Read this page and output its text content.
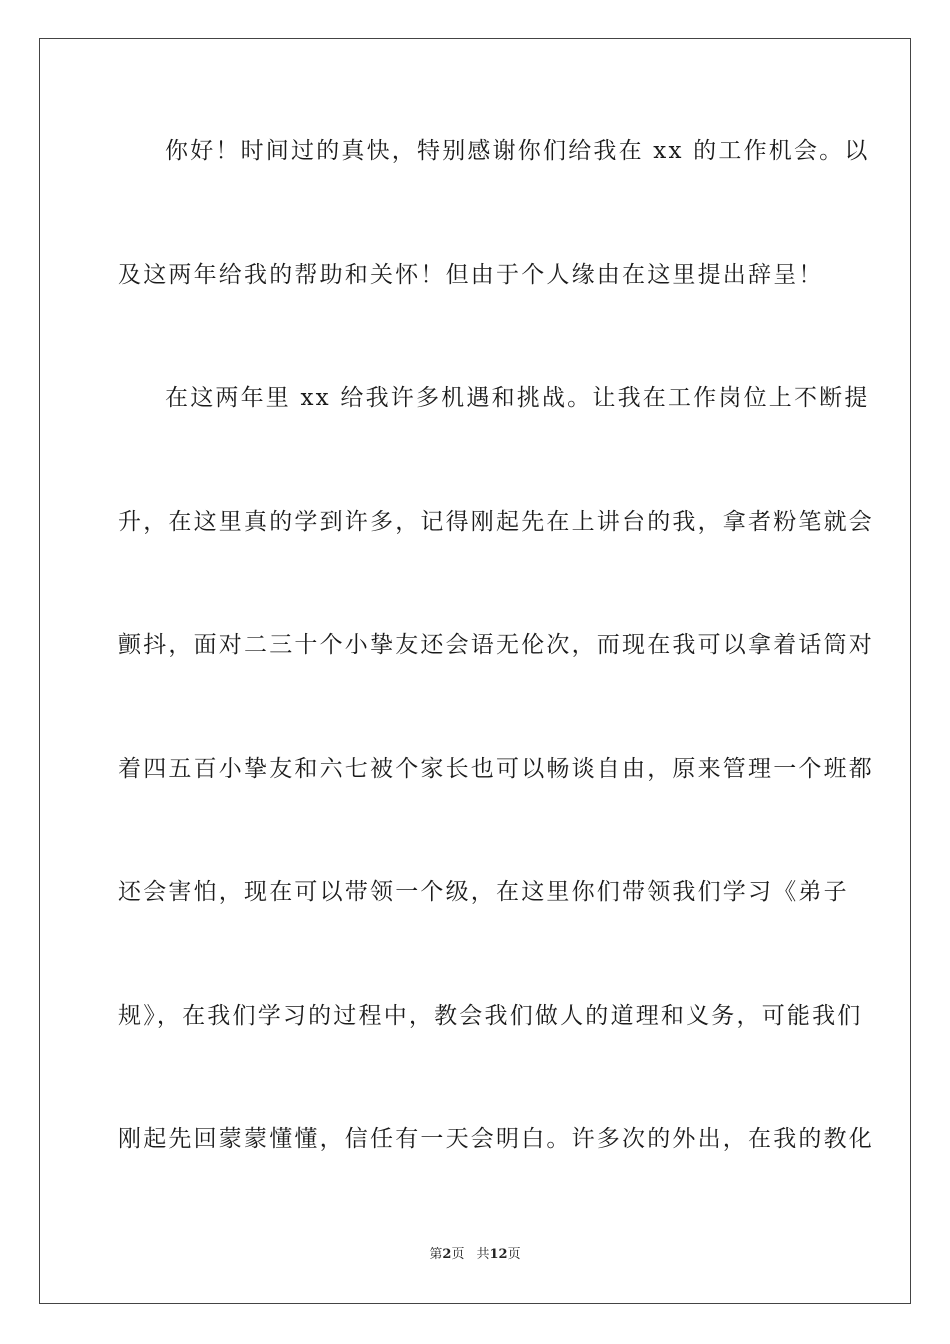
你好！时间过的真快，特别感谢你们给我在 xx 的工作机会。以
及这两年给我的帮助和关怀！但由于个人缘由在这里提出辞呈！
在这两年里 xx 给我许多机遇和挑战。让我在工作岗位上不断提
升，在这里真的学到许多，记得刚起先在上讲台的我，拿者粉笔就会
颤抖，面对二三十个小挚友还会语无伦次，而现在我可以拿着话筒对
着四五百小挚友和六七被个家长也可以畅谈自由，原来管理一个班都
还会害怕，现在可以带领一个级，在这里你们带领我们学习《弟子
规》，在我们学习的过程中，教会我们做人的道理和义务，可能我们
刚起先回蒙蒙懂懂，信任有一天会明白。许多次的外出，在我的教化
第2页 共12页
